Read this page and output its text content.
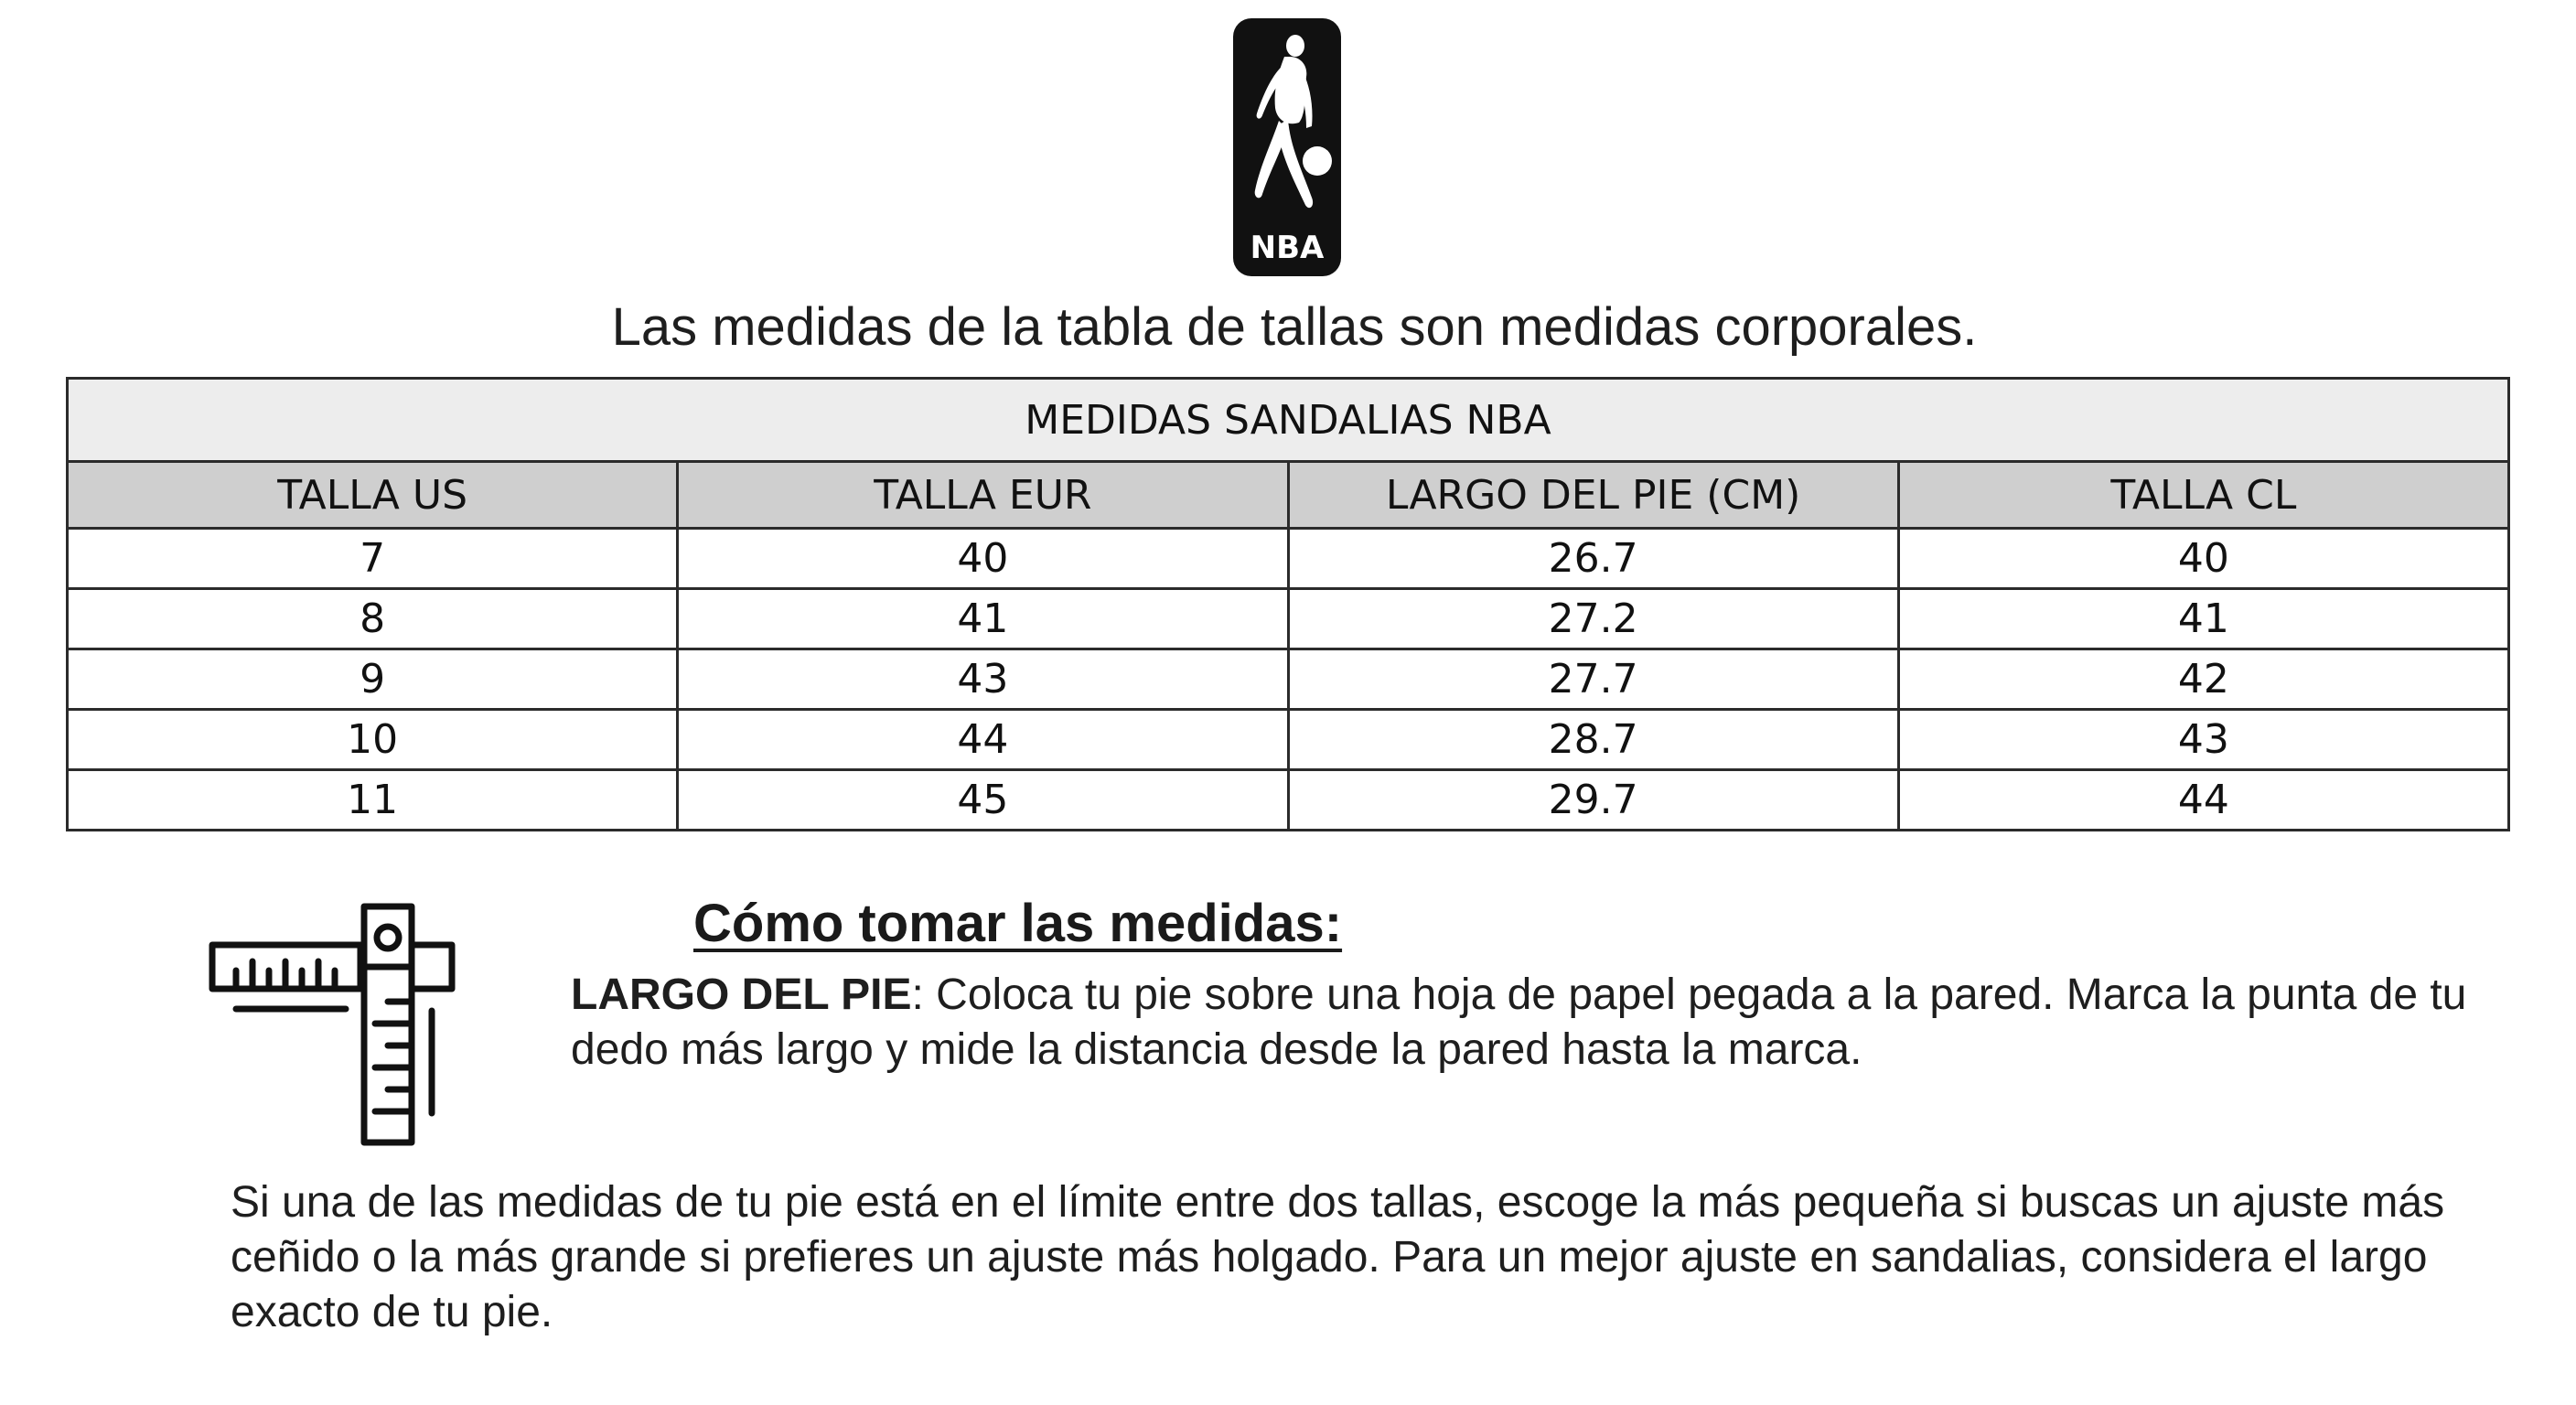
NBA
Las medidas de la tabla de tallas son medidas corporales.
MEDIDAS SANDALIAS NBA			
TALLA US	TALLA EUR	LARGO DEL PIE (CM)	TALLA CL
7	40	26.7	40
8	41	27.2	41
9	43	27.7	42
10	44	28.7	43
11	45	29.7	44
Cómo tomar las medidas:
LARGO DEL PIE: Coloca tu pie sobre una hoja de papel pegada a la pared. Marca la punta de tu dedo más largo y mide la distancia desde la pared hasta la marca.
Si una de las medidas de tu pie está en el límite entre dos tallas, escoge la más pequeña si buscas un ajuste más ceñido o la más grande si prefieres un ajuste más holgado. Para un mejor ajuste en sandalias, considera el largo exacto de tu pie.
